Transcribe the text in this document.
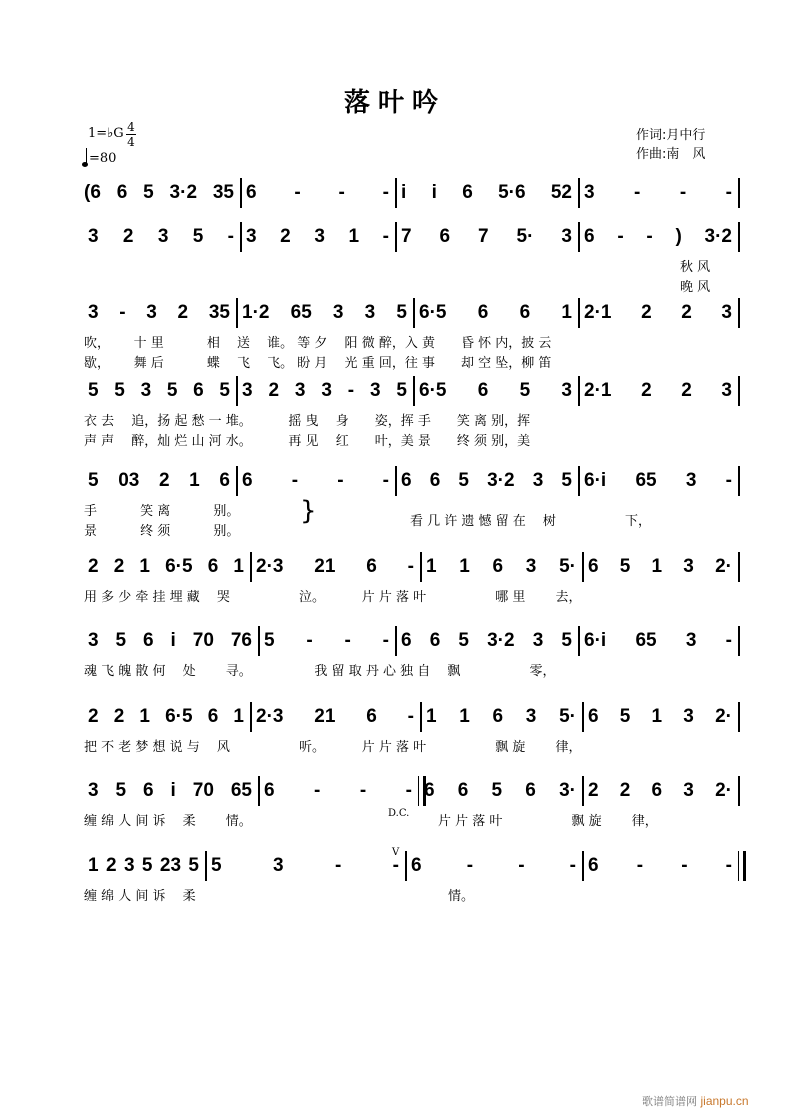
落叶吟
1=♭G 4
4
=80
作词:月中行
作曲:南　风
(6 6 5 3·2 35 6 - - - i i 6 5·6 52 3 - - -
3 2 3 5 - 3 2 3 1 - 7 6 7 5· 3 6 - - ) 3·2
秋 风
晚 风
3 - 3 2 35 1·2 65 3 3 5 6·5 6 6 1 2·1 2 2 3
吹，　　 十 里　　　 相　 送　 谁。 等 夕　 阳 微 醉，入 黄　　昏 怀 内，披 云
歇，　　 舞 后　　　 蝶　 飞　 飞。 盼 月　 光 重 回，往 事　　却 空 坠，柳 笛
5 5 3 5 6 5 3 2 3 3 - 3 5 6·5 6 5 3 2·1 2 2 3
衣 去　 追，扬 起 愁 一 堆。　　　 摇 曳　 身　　姿，挥 手　　笑 离 别，挥
声 声　 醉，灿 烂 山 河 水。　　　 再 见　 红　　叶，美 景　　终 须 别，美
5 03 2 1 6 6 - - - 6 6 5 3·2 3 5 6·i 65 3 -
手　　　 笑 离　　　 别。
景　　　 终 须　　　 别。
看 几 许 遗 憾 留 在　 树　　　　　 下，
}
2 2 1 6·5 6 1 2·3 21 6 - 1 1 6 3 5· 6 5 1 3 2·
用 多 少 牵 挂 埋 藏　 哭　　　　　 泣。　　　 片 片 落 叶　　　　　 哪 里　　 去，
3 5 6 i 70 76 5 - - - 6 6 5 3·2 3 5 6·i 65 3 -
魂 飞 魄 散 何　 处　　 寻。　　　　　 我 留 取 丹 心 独 自　 飘　　　　　 零，
2 2 1 6·5 6 1 2·3 21 6 - 1 1 6 3 5· 6 5 1 3 2·
把 不 老 梦 想 说 与　 风　　　　　 听。　　　 片 片 落 叶　　　　　 飘 旋　　 律，
3 5 6 i 70 65 6 - - - 6 6 5 6 3· 2 2 6 3 2·
缠 绵 人 间 诉　 柔　　 情。	片 片 落 叶　　　　　 飘 旋　　 律，
D.C.
1 2 3 5 23 5 5	3	-	- 6 - - - 6 - - -
缠 绵 人 间 诉　 柔	情。
V
歌谱简谱网 jianpu.cn
